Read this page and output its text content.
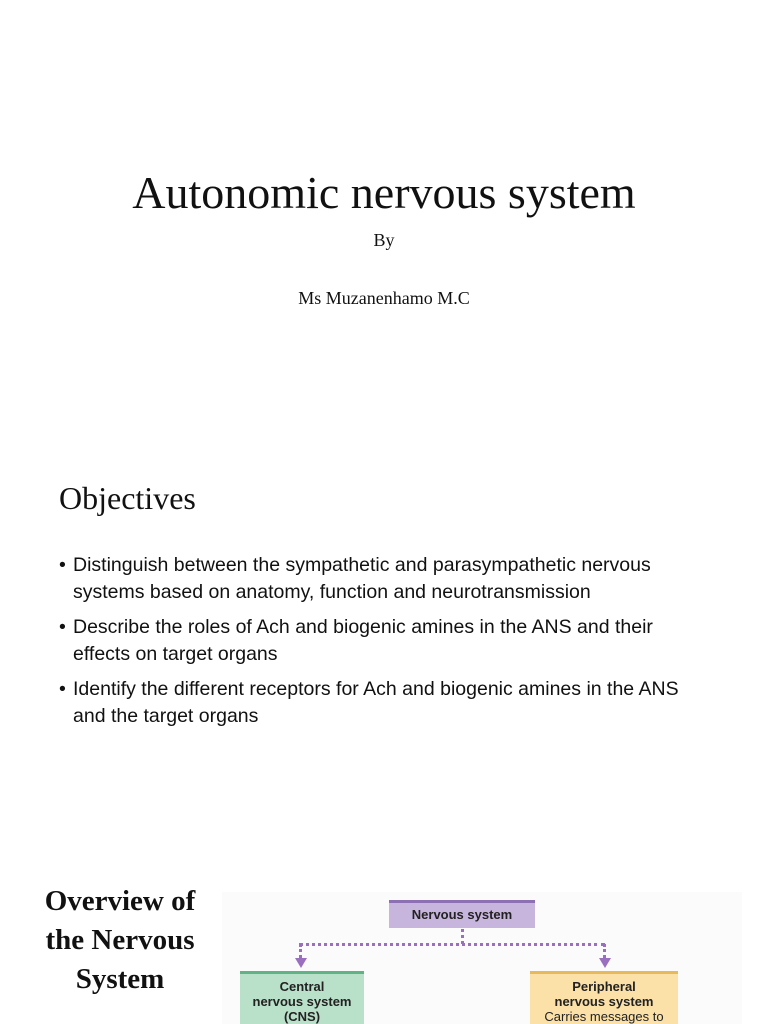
Autonomic nervous system
By
Ms Muzanenhamo M.C
Objectives
• Distinguish between the sympathetic and parasympathetic nervous systems based on anatomy, function and neurotransmission
• Describe the roles of Ach and biogenic amines in the ANS and their effects on target organs
• Identify the different receptors for Ach and biogenic amines in the ANS and the target organs
Overview of
the Nervous
System
Nervous system
Central
nervous system
(CNS)
Peripheral
nervous system
Carries messages to
